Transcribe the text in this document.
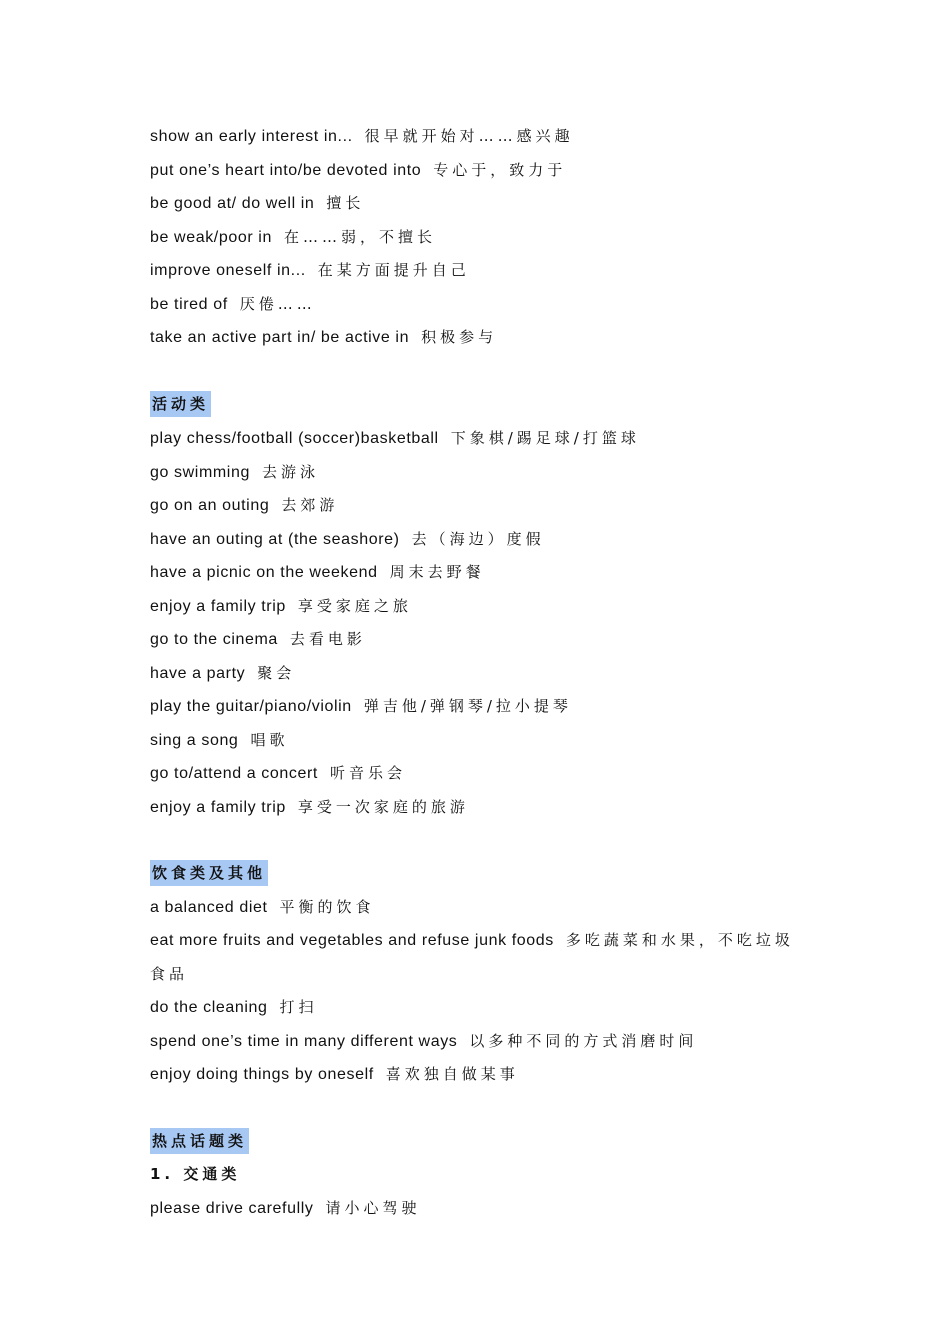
show an early interest in... 很早就开始对……感兴趣
put one’s heart into/be devoted into 专心于，致力于
be good at/ do well in 擅长
be weak/poor in 在……弱，不擅长
improve oneself in... 在某方面提升自己
be tired of 厌倦……
take an active part in/ be active in 积极参与
活动类
play chess/football (soccer)basketball 下象棋/踢足球/打篮球
go swimming 去游泳
go on an outing 去郊游
have an outing at (the seashore) 去（海边）度假
have a picnic on the weekend 周末去野餐
enjoy a family trip 享受家庭之旅
go to the cinema 去看电影
have a party 聚会
play the guitar/piano/violin 弹吉他/弹钢琴/拉小提琴
sing a song 唱歌
go to/attend a concert 听音乐会
enjoy a family trip 享受一次家庭的旅游
饮食类及其他
a balanced diet 平衡的饮食
eat more fruits and vegetables and refuse junk foods 多吃蔬菜和水果，不吃垃圾食品
do the cleaning 打扫
spend one’s time in many different ways 以多种不同的方式消磨时间
enjoy doing things by oneself 喜欢独自做某事
热点话题类
1. 交通类
please drive carefully 请小心驾驶
